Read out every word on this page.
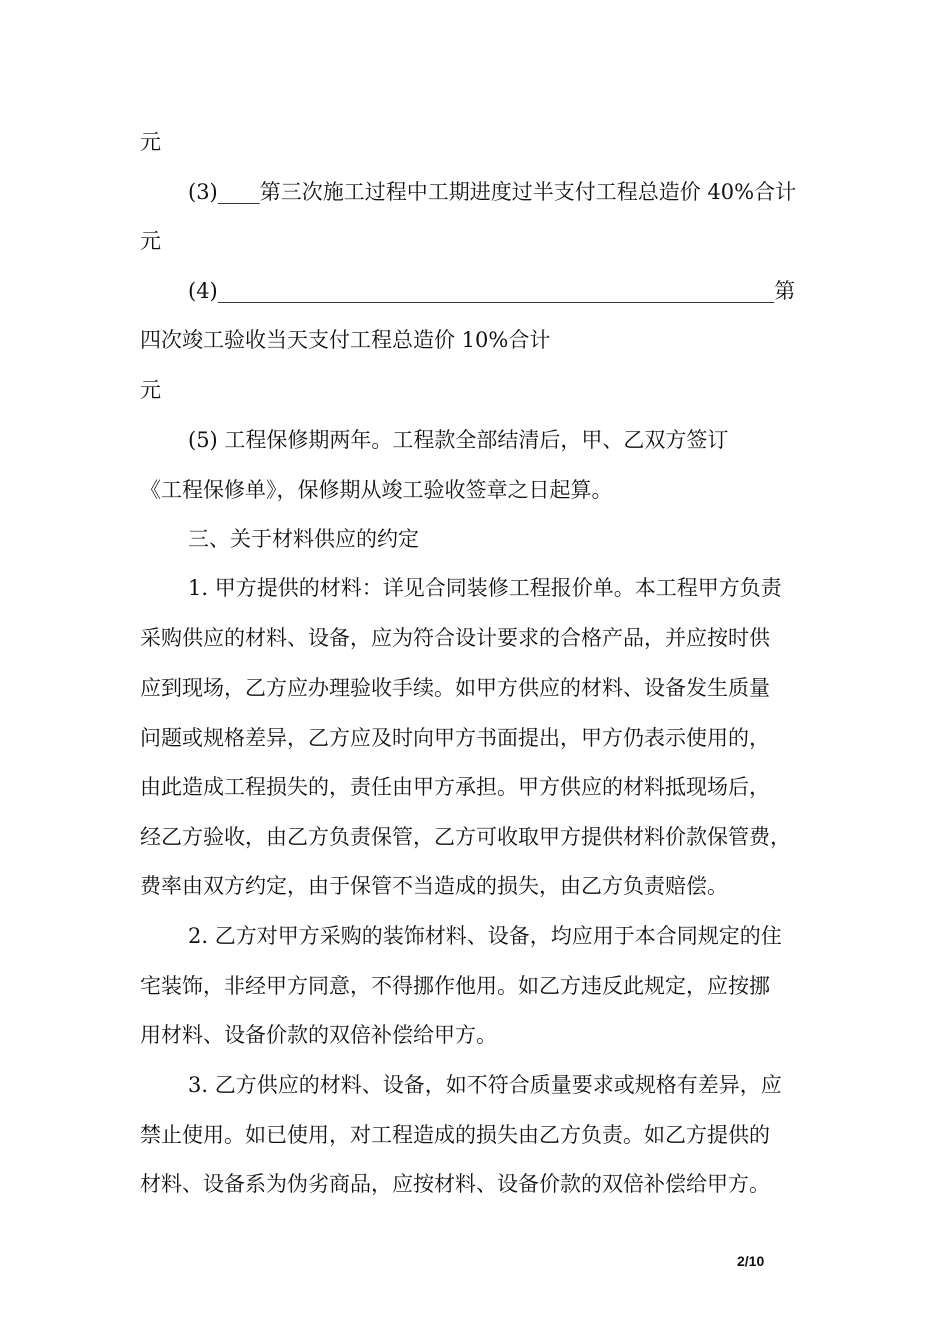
元

(3)____第三次施工过程中工期进度过半支付工程总造价 40%合计

元

(4)_____________________________________________________第

四次竣工验收当天支付工程总造价 10%合计

元

(5) 工程保修期两年。工程款全部结清后，甲、乙双方签订

《工程保修单》，保修期从竣工验收签章之日起算。

三、关于材料供应的约定

1. 甲方提供的材料：详见合同装修工程报价单。本工程甲方负责

采购供应的材料、设备，应为符合设计要求的合格产品，并应按时供

应到现场，乙方应办理验收手续。如甲方供应的材料、设备发生质量

问题或规格差异，乙方应及时向甲方书面提出，甲方仍表示使用的，

由此造成工程损失的，责任由甲方承担。甲方供应的材料抵现场后，

经乙方验收，由乙方负责保管，乙方可收取甲方提供材料价款保管费，

费率由双方约定，由于保管不当造成的损失，由乙方负责赔偿。

2. 乙方对甲方采购的装饰材料、设备，均应用于本合同规定的住

宅装饰，非经甲方同意，不得挪作他用。如乙方违反此规定，应按挪

用材料、设备价款的双倍补偿给甲方。

3. 乙方供应的材料、设备，如不符合质量要求或规格有差异，应

禁止使用。如已使用，对工程造成的损失由乙方负责。如乙方提供的

材料、设备系为伪劣商品，应按材料、设备价款的双倍补偿给甲方。

2/10
